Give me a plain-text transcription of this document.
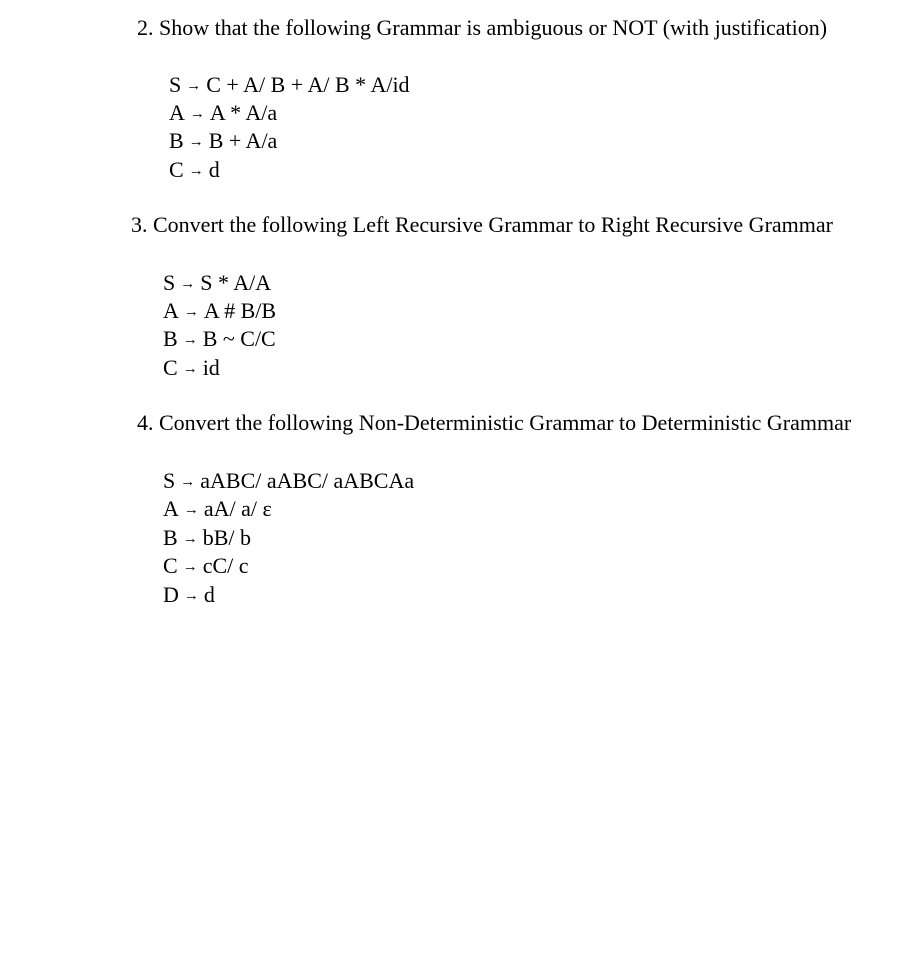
2. Show that the following Grammar is ambiguous or NOT (with justification)
S → C + A/ B + A/ B * A/id
A → A * A/a
B → B + A/a
C → d
3. Convert the following Left Recursive Grammar to Right Recursive Grammar
S → S * A/A
A → A # B/B
B → B ~ C/C
C → id
4. Convert the following Non-Deterministic Grammar to Deterministic Grammar
S → aABC/ aABC/ aABCAa
A → aA/ a/ ε
B → bB/ b
C → cC/ c
D → d
